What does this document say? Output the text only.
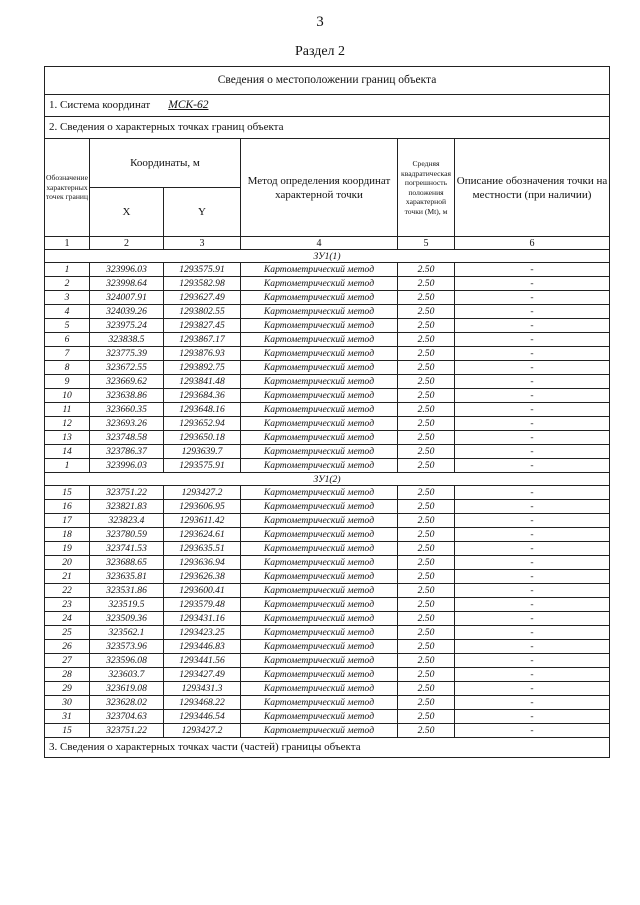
3
Раздел 2
Сведения о местоположении границ объекта					
1. Система координат МСК-62					
2. Сведения о характерных точках границ объекта					
Обозначение характерных точек границ	Координаты, м		Метод определения координат характерной точки	Средняя квадратическая погрешность положения характерной точки (Мt), м	Описание обозначения точки на местности (при наличии)
	X	Y			
1	2	3	4	5	6
ЗУ1(1)					
1	323996.03	1293575.91	Картометрический метод	2.50	-
2	323998.64	1293582.98	Картометрический метод	2.50	-
3	324007.91	1293627.49	Картометрический метод	2.50	-
4	324039.26	1293802.55	Картометрический метод	2.50	-
5	323975.24	1293827.45	Картометрический метод	2.50	-
6	323838.5	1293867.17	Картометрический метод	2.50	-
7	323775.39	1293876.93	Картометрический метод	2.50	-
8	323672.55	1293892.75	Картометрический метод	2.50	-
9	323669.62	1293841.48	Картометрический метод	2.50	-
10	323638.86	1293684.36	Картометрический метод	2.50	-
11	323660.35	1293648.16	Картометрический метод	2.50	-
12	323693.26	1293652.94	Картометрический метод	2.50	-
13	323748.58	1293650.18	Картометрический метод	2.50	-
14	323786.37	1293639.7	Картометрический метод	2.50	-
1	323996.03	1293575.91	Картометрический метод	2.50	-
ЗУ1(2)					
15	323751.22	1293427.2	Картометрический метод	2.50	-
16	323821.83	1293606.95	Картометрический метод	2.50	-
17	323823.4	1293611.42	Картометрический метод	2.50	-
18	323780.59	1293624.61	Картометрический метод	2.50	-
19	323741.53	1293635.51	Картометрический метод	2.50	-
20	323688.65	1293636.94	Картометрический метод	2.50	-
21	323635.81	1293626.38	Картометрический метод	2.50	-
22	323531.86	1293600.41	Картометрический метод	2.50	-
23	323519.5	1293579.48	Картометрический метод	2.50	-
24	323509.36	1293431.16	Картометрический метод	2.50	-
25	323562.1	1293423.25	Картометрический метод	2.50	-
26	323573.96	1293446.83	Картометрический метод	2.50	-
27	323596.08	1293441.56	Картометрический метод	2.50	-
28	323603.7	1293427.49	Картометрический метод	2.50	-
29	323619.08	1293431.3	Картометрический метод	2.50	-
30	323628.02	1293468.22	Картометрический метод	2.50	-
31	323704.63	1293446.54	Картометрический метод	2.50	-
15	323751.22	1293427.2	Картометрический метод	2.50	-
3. Сведения о характерных точках части (частей) границы объекта					
